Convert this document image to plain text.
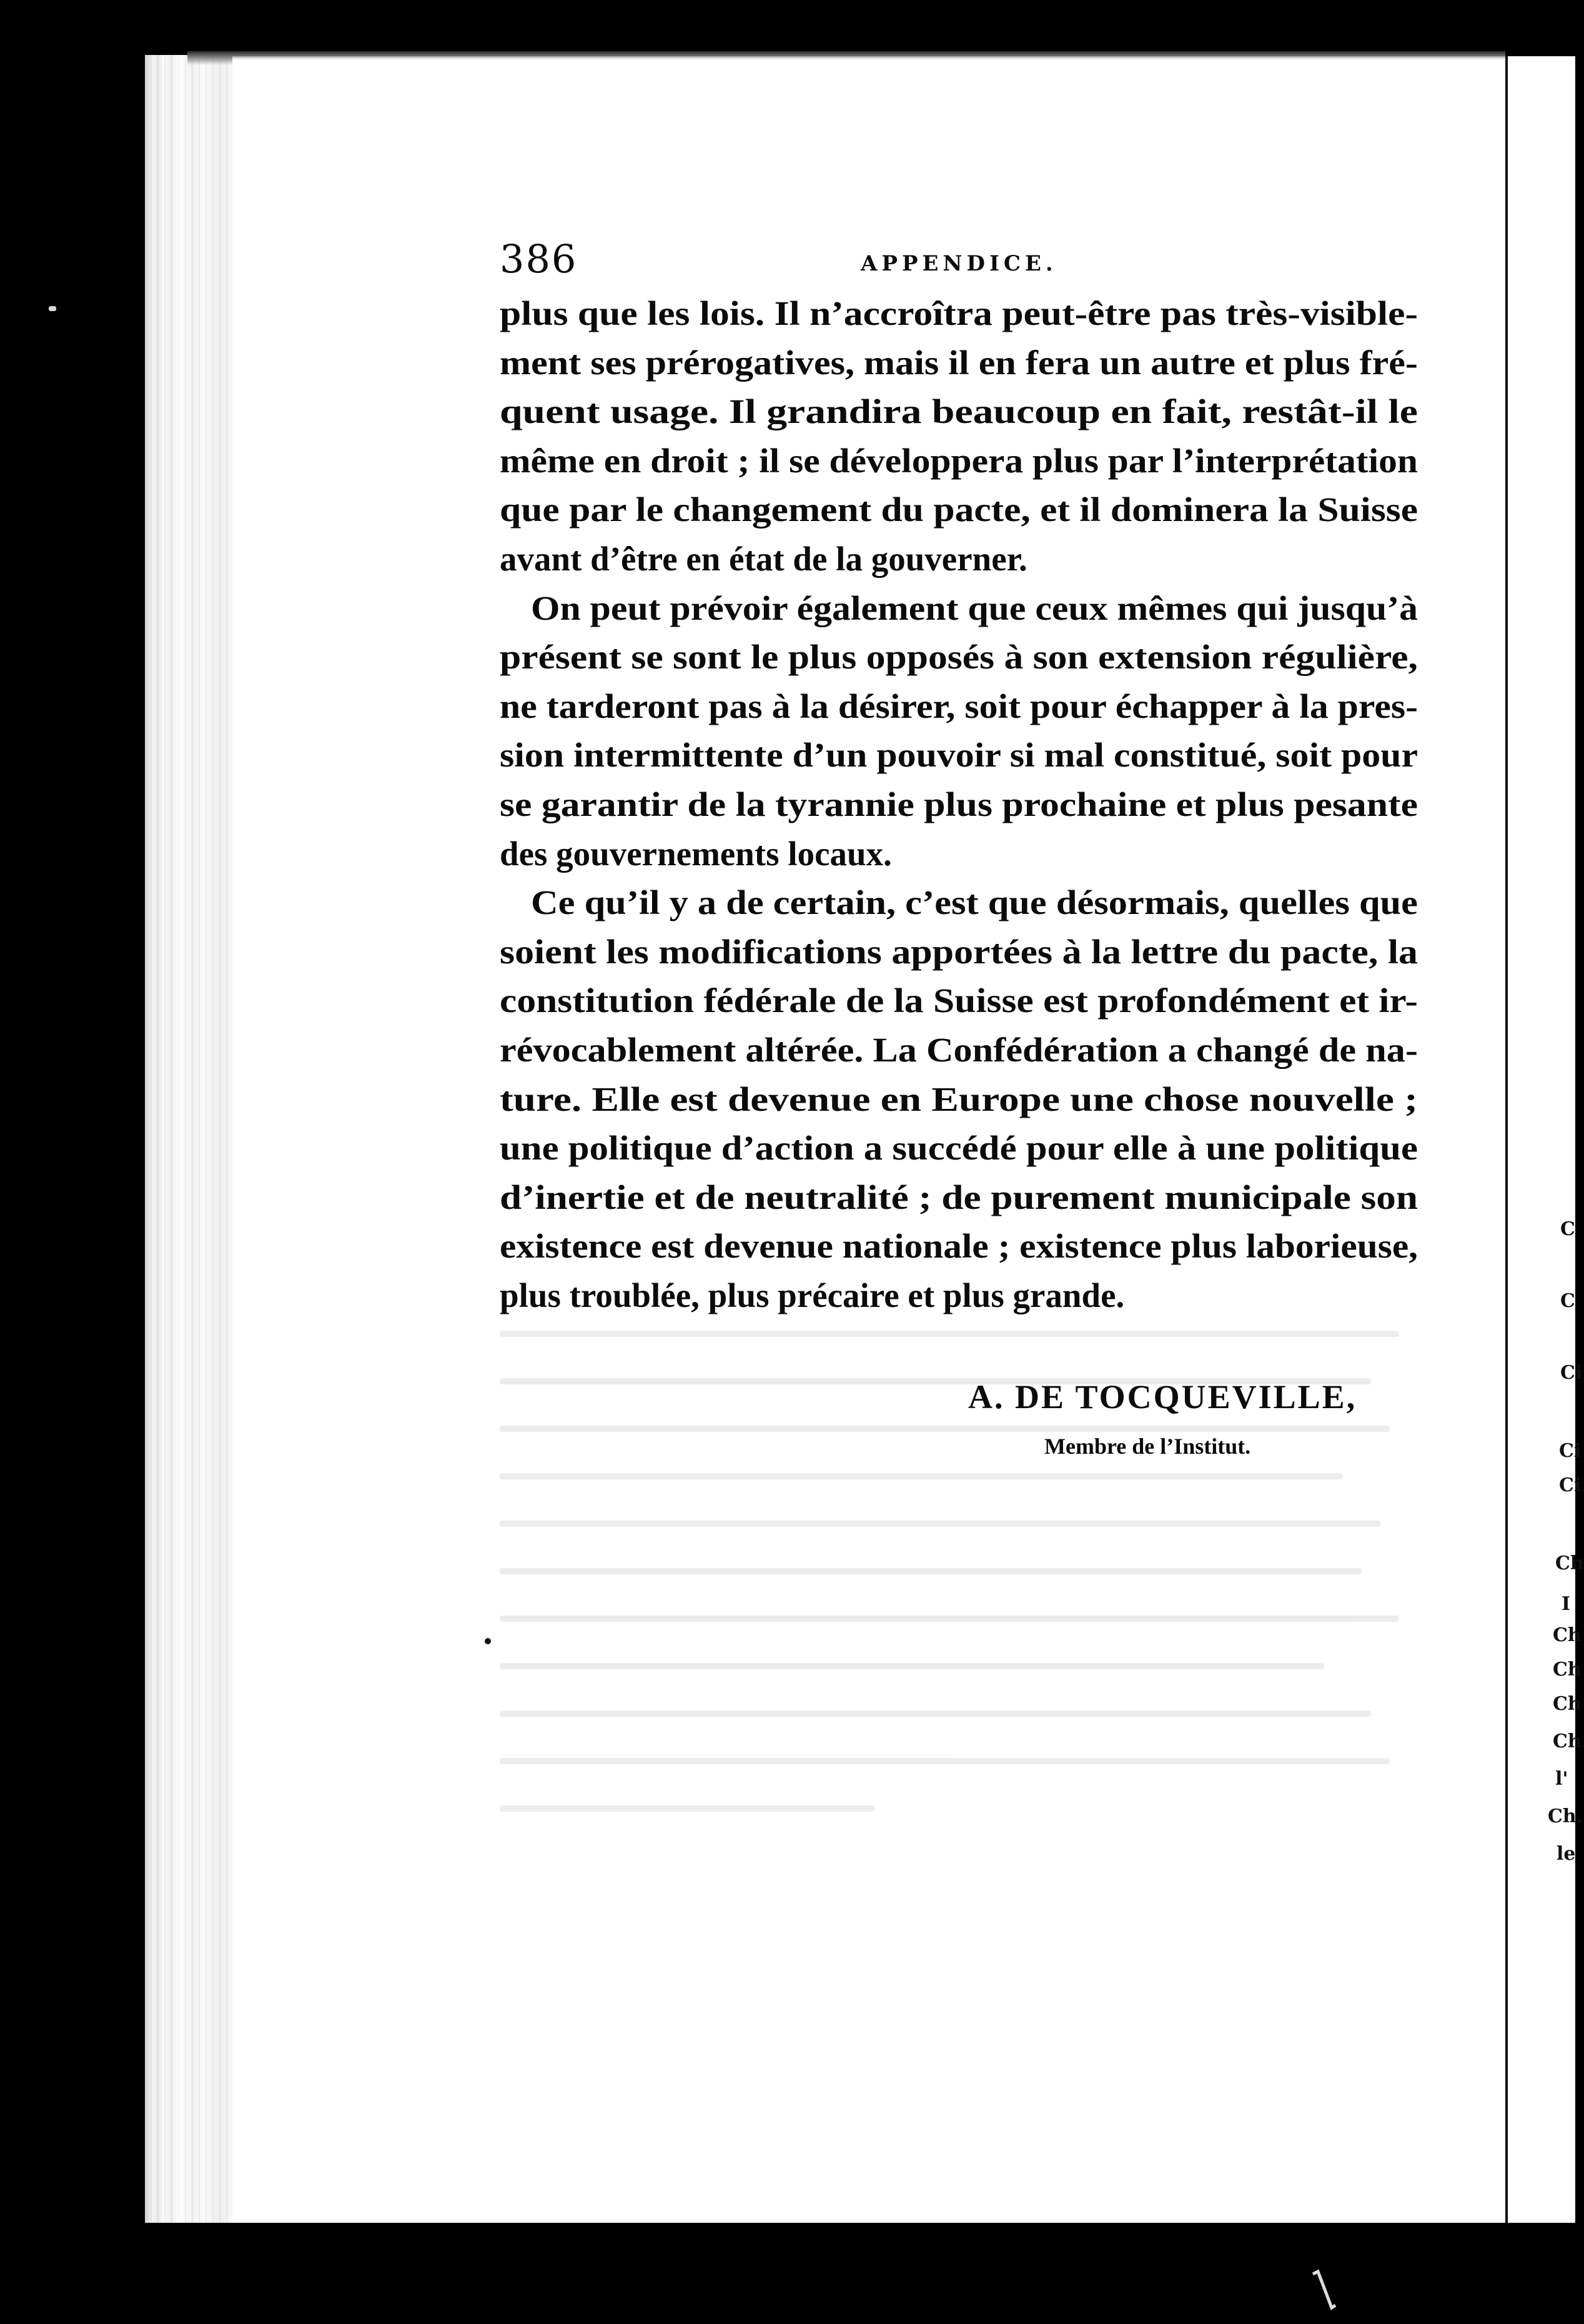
C
C
Ci
Ci
Ci
Ch
I
Ch
Ch
Ch
Ch
l'
Ch.
le
386	APPENDICE.
plus que les lois. Il n’accroîtra peut-être pas très-visible-
ment ses prérogatives, mais il en fera un autre et plus fré-
quent usage. Il grandira beaucoup en fait, restât-il le
même en droit ; il se développera plus par l’interprétation
que par le changement du pacte, et il dominera la Suisse
avant d’être en état de la gouverner.
On peut prévoir également que ceux mêmes qui jusqu’à
présent se sont le plus opposés à son extension régulière,
ne tarderont pas à la désirer, soit pour échapper à la pres-
sion intermittente d’un pouvoir si mal constitué, soit pour
se garantir de la tyrannie plus prochaine et plus pesante
des gouvernements locaux.
Ce qu’il y a de certain, c’est que désormais, quelles que
soient les modifications apportées à la lettre du pacte, la
constitution fédérale de la Suisse est profondément et ir-
révocablement altérée. La Confédération a changé de na-
ture. Elle est devenue en Europe une chose nouvelle ;
une politique d’action a succédé pour elle à une politique
d’inertie et de neutralité ; de purement municipale son
existence est devenue nationale ; existence plus laborieuse,
plus troublée, plus précaire et plus grande.
A. DE TOCQUEVILLE,
Membre de l’Institut.
